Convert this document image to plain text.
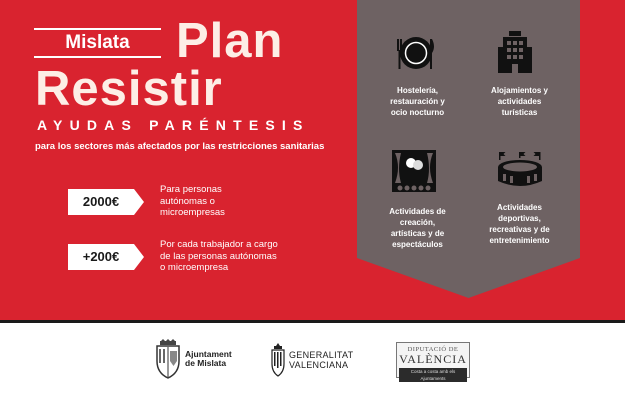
Mislata Plan
Resistir
AYUDAS PARÉNTESIS
para los sectores más afectados por las restricciones sanitarias
2000€
Para personas
autónomas o
microempresas
+200€
Por cada trabajador a cargo
de las personas autónomas
o microempresa
Hostelería,
restauración y
ocio nocturno
Alojamientos y
actividades
turísticas
Actividades de
creación,
artísticas y de
espectáculos
Actividades
deportivas,
recreativas y de
entretenimiento
Ajuntament
de Mislata
GENERALITAT
VALENCIANA
DIPUTACIÓ DE
VALÈNCIA
Costa a costa amb els Ajuntaments
